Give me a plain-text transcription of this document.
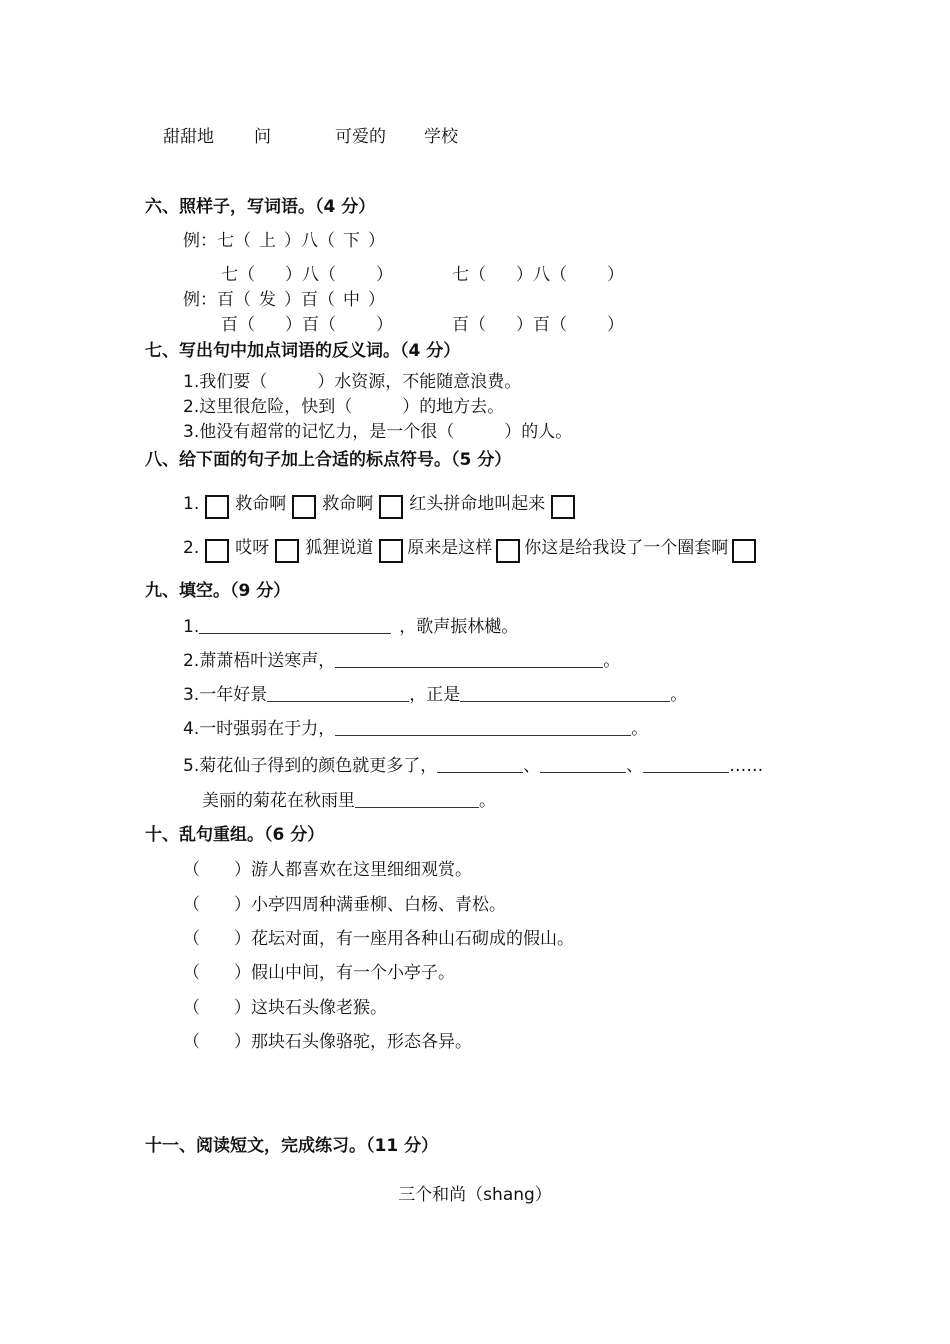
甜甜地 问	可爱的 学校
六、照样子，写词语。（4 分）
例：七（ 上 ）八（ 下 ）
七（ ）八（ ）	七（ ）八（ ）
例：百（ 发 ）百（ 中 ）
百（ ）百（ ）	百（ ）百（ ）
七、写出句中加点词语的反义词。（4 分）
1.我们要（	）水资源，不能随意浪费。
2.这里很危险，快到（	）的地方去。
3.他没有超常的记忆力，是一个很（	）的人。
八、给下面的句子加上合适的标点符号。（5 分）
1. 救命啊 救命啊 红头拼命地叫起来
2. 哎呀 狐狸说道 原来是这样 你这是给我设了一个圈套啊
九、填空。（9 分）
1.	，歌声振林樾。
2.萧萧梧叶送寒声，	。
3.一年好景	，正是	。
4.一时强弱在于力，	。
5.菊花仙子得到的颜色就更多了，	、	、	……
美丽的菊花在秋雨里	。
十、乱句重组。（6 分）
（　　）游人都喜欢在这里细细观赏。
（　　）小亭四周种满垂柳、白杨、青松。
（　　）花坛对面，有一座用各种山石砌成的假山。
（　　）假山中间，有一个小亭子。
（　　）这块石头像老猴。
（　　）那块石头像骆驼，形态各异。
十一、阅读短文，完成练习。（11 分）
三个和尚（shang）
